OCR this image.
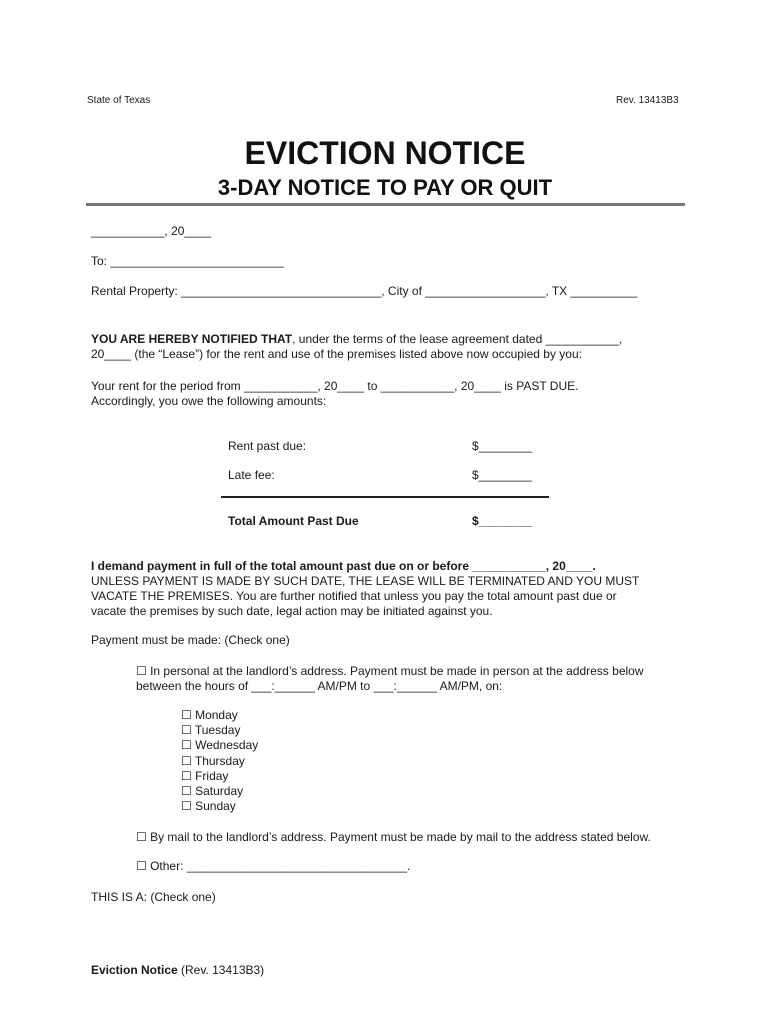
State of Texas	Rev. 13413B3
EVICTION NOTICE
3-DAY NOTICE TO PAY OR QUIT
___________, 20____
To: __________________________
Rental Property: ______________________________, City of __________________, TX __________
YOU ARE HEREBY NOTIFIED THAT, under the terms of the lease agreement dated ___________,
20____ (the “Lease”) for the rent and use of the premises listed above now occupied by you:
Your rent for the period from ___________, 20____ to ___________, 20____ is PAST DUE.
Accordingly, you owe the following amounts:
Rent past due:	$________
Late fee:	$________
Total Amount Past Due	$________
I demand payment in full of the total amount past due on or before ___________, 20____.
UNLESS PAYMENT IS MADE BY SUCH DATE, THE LEASE WILL BE TERMINATED AND YOU MUST
VACATE THE PREMISES. You are further notified that unless you pay the total amount past due or
vacate the premises by such date, legal action may be initiated against you.
Payment must be made: (Check one)
☐ In personal at the landlord’s address. Payment must be made in person at the address below
between the hours of ___:______ AM/PM to ___:______ AM/PM, on:
☐ Monday
☐ Tuesday
☐ Wednesday
☐ Thursday
☐ Friday
☐ Saturday
☐ Sunday
☐ By mail to the landlord’s address. Payment must be made by mail to the address stated below.
☐ Other: _________________________________.
THIS IS A: (Check one)
Eviction Notice (Rev. 13413B3)
